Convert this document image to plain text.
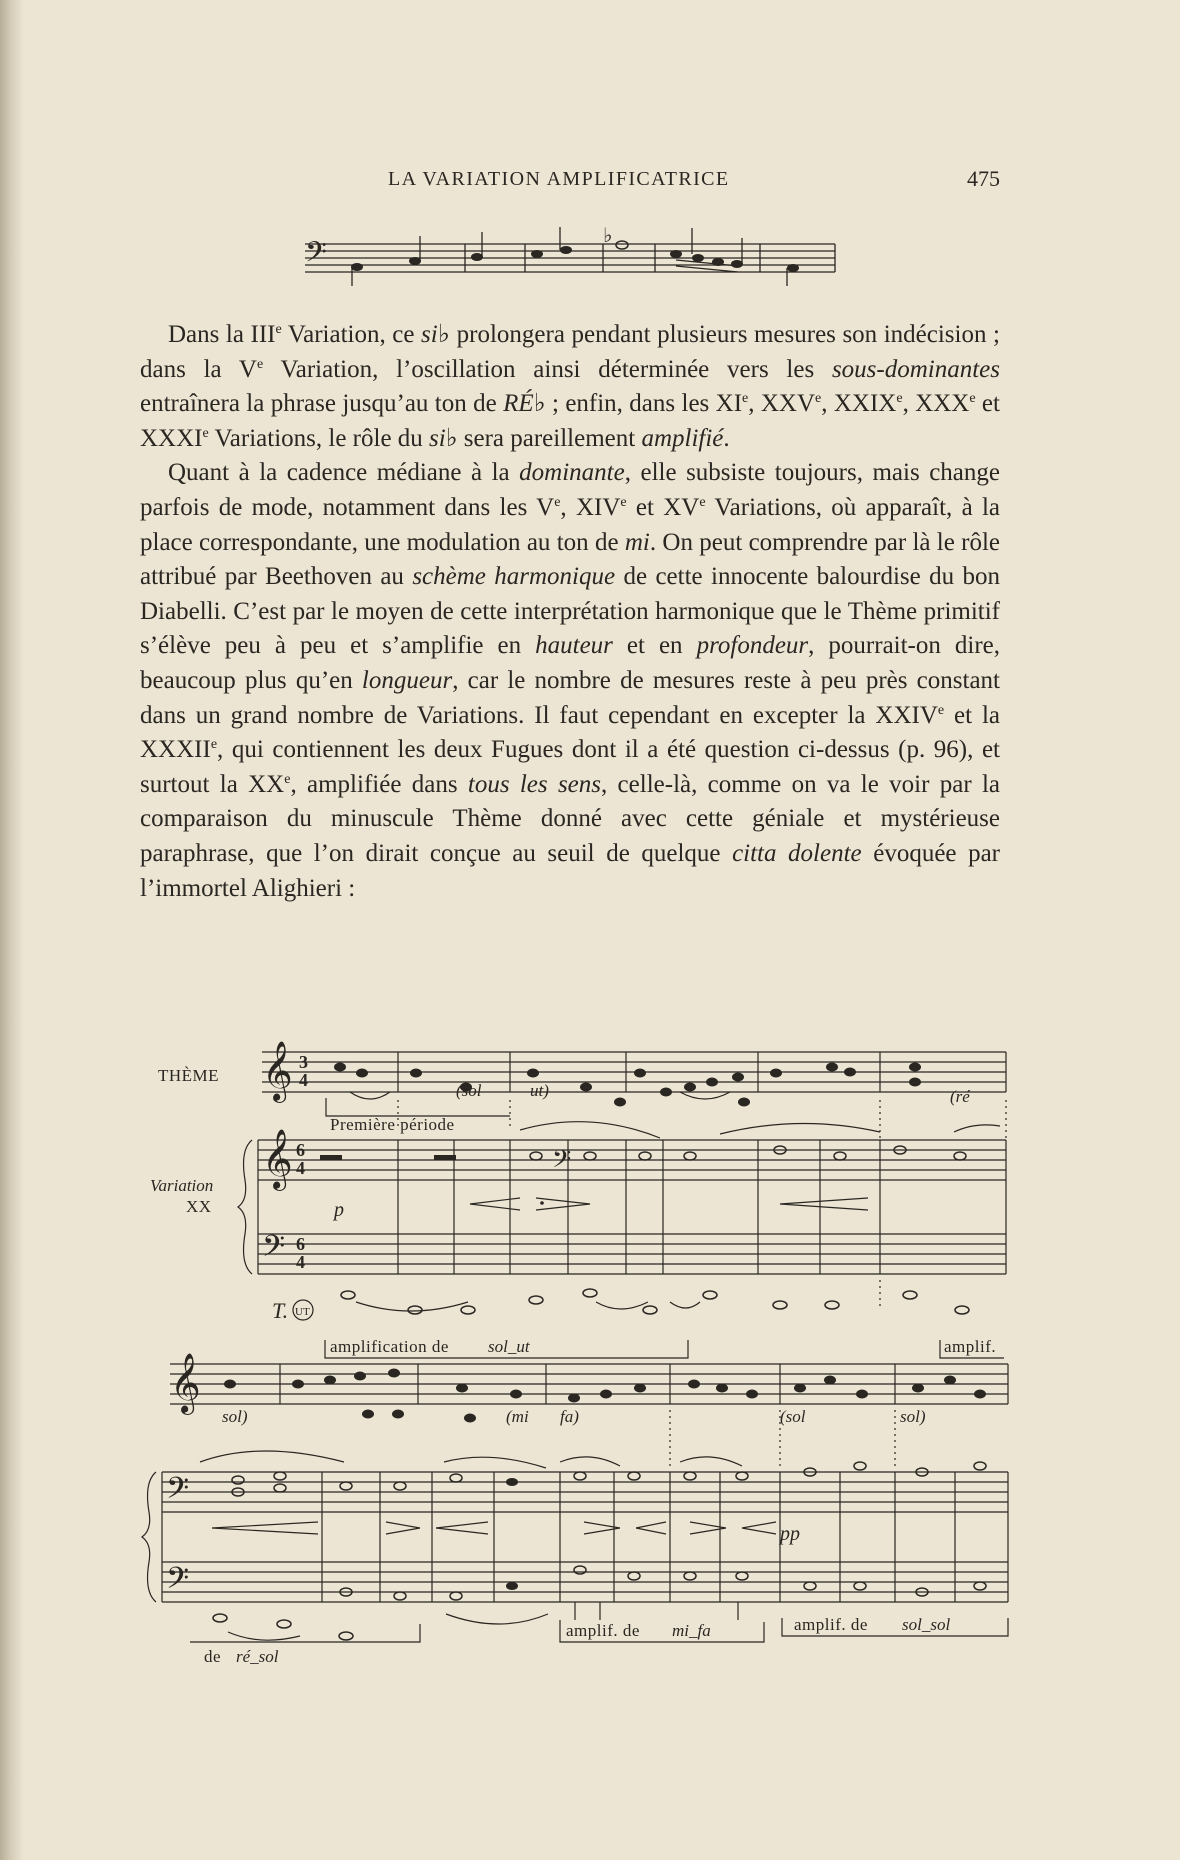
LA VARIATION AMPLIFICATRICE	475
𝄢
♭

Dans la IIIe Variation, ce si♭ prolongera pendant plusieurs mesures son indécision ; dans la Ve Variation, l’oscillation ainsi déterminée vers les sous-dominantes entraînera la phrase jusqu’au ton de RÉ♭ ; enfin, dans les XIe, XXVe, XXIXe, XXXe et XXXIe Variations, le rôle du si♭ sera pareillement amplifié.

Quant à la cadence médiane à la dominante, elle subsiste toujours, mais change parfois de mode, notamment dans les Ve, XIVe et XVe Variations, où apparaît, à la place correspondante, une modulation au ton de mi. On peut comprendre par là le rôle attribué par Beethoven au schème harmonique de cette innocente balourdise du bon Diabelli. C’est par le moyen de cette interprétation harmonique que le Thème primitif s’élève peu à peu et s’amplifie en hauteur et en profondeur, pourrait-on dire, beaucoup plus qu’en longueur, car le nombre de mesures reste à peu près constant dans un grand nombre de Variations. Il faut cependant en excepter la XXIVe et la XXXIIe, qui contiennent les deux Fugues dont il a été question ci-dessus (p. 96), et surtout la XXe, amplifiée dans tous les sens, celle-là, comme on va le voir par la comparaison du minuscule Thème donné avec cette géniale et mystérieuse paraphrase, que l’on dirait conçue au seuil de quelque citta dolente évoquée par l’immortel Alighieri :

THÈME 𝄞 3
4
Première période
(sol	ut)	(ré
Variation
XX
𝄞 6
4
𝄢 6
4
p
𝄢
T. UT
amplification de sol_ut	amplif.
𝄞
sol)	(mi fa)	(sol	sol)
𝄢
𝄢
pp
de ré_sol
amplif. de mi_fa	amplif. de sol_sol
